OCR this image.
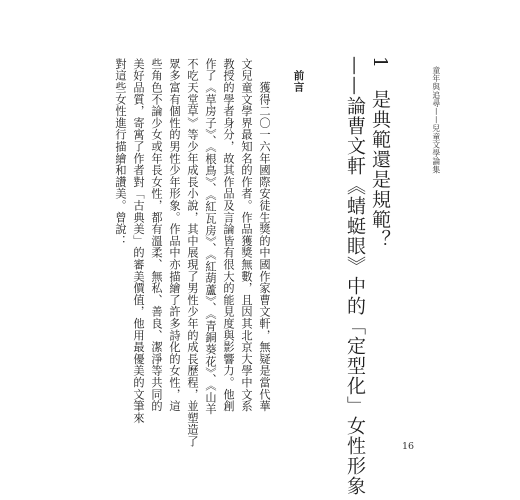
童年與追尋——兒童文學論集
1　是典範還是規範？
——論曹文軒《蜻蜓眼》中的「定型化」女性形象
前言
　　獲得二〇一六年國際安徒生獎的中國作家曹文軒，無疑是當代華
文兒童文學界最知名的作者。作品獲獎無數，且因其北京大學中文系
教授的學者身分，故其作品及言論皆有很大的能見度與影響力。他創
作了《草房子》、《根鳥》、《紅瓦房》、《紅葫蘆》、《青銅葵花》、《山羊
不吃天堂草》等少年成長小說，其中展現了男性少年的成長歷程，並塑造了
眾多富有個性的男性少年形象。作品中亦描繪了許多詩化的女性，這
些角色不論少女或年長女性，都有溫柔、無私、善良、潔淨等共同的
美好品質，寄寓了作者對「古典美」的審美價值，他用最優美的文筆來
對這些女性進行描繪和讚美。曾說：
16
